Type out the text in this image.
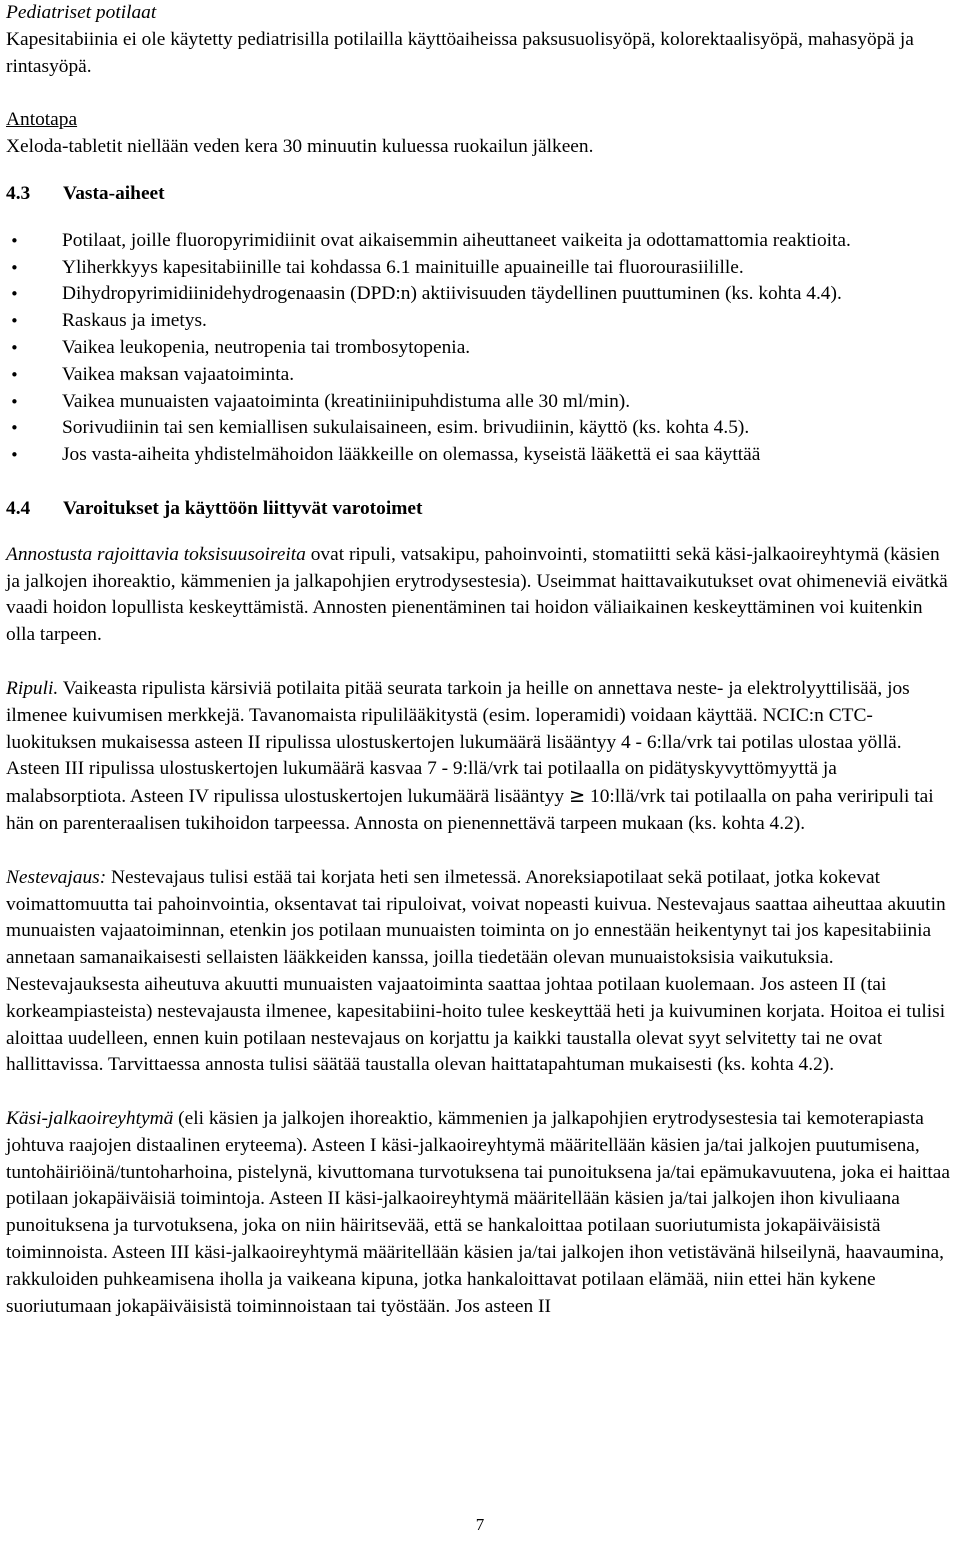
Pediatriset potilaat

Kapesitabiinia ei ole käytetty pediatrisilla potilailla käyttöaiheissa paksusuolisyöpä, kolorektaalisyöpä, mahasyöpä ja rintasyöpä.

Antotapa

Xeloda-tabletit niellään veden kera 30 minuutin kuluessa ruokailun jälkeen.

4.3 Vasta-aiheet

• Potilaat, joille fluoropyrimidiinit ovat aikaisemmin aiheuttaneet vaikeita ja odottamattomia reaktioita.
• Yliherkkyys kapesitabiinille tai kohdassa 6.1 mainituille apuaineille tai fluorourasiilille.
• Dihydropyrimidiinidehydrogenaasin (DPD:n) aktiivisuuden täydellinen puuttuminen (ks. kohta 4.4).
• Raskaus ja imetys.
• Vaikea leukopenia, neutropenia tai trombosytopenia.
• Vaikea maksan vajaatoiminta.
• Vaikea munuaisten vajaatoiminta (kreatiniinipuhdistuma alle 30 ml/min).
• Sorivudiinin tai sen kemiallisen sukulaisaineen, esim. brivudiinin, käyttö (ks. kohta 4.5).
• Jos vasta-aiheita yhdistelmähoidon lääkkeille on olemassa, kyseistä lääkettä ei saa käyttää

4.4 Varoitukset ja käyttöön liittyvät varotoimet

Annostusta rajoittavia toksisuusoireita ovat ripuli, vatsakipu, pahoinvointi, stomatiitti sekä käsi-jalkaoireyhtymä (käsien ja jalkojen ihoreaktio, kämmenien ja jalkapohjien erytrodysestesia). Useimmat haittavaikutukset ovat ohimeneviä eivätkä vaadi hoidon lopullista keskeyttämistä. Annosten pienentäminen tai hoidon väliaikainen keskeyttäminen voi kuitenkin olla tarpeen.

Ripuli. Vaikeasta ripulista kärsiviä potilaita pitää seurata tarkoin ja heille on annettava neste- ja elektrolyyttilisää, jos ilmenee kuivumisen merkkejä. Tavanomaista ripulilääkitystä (esim. loperamidi) voidaan käyttää. NCIC:n CTC-luokituksen mukaisessa asteen II ripulissa ulostuskertojen lukumäärä lisääntyy 4 - 6:lla/vrk tai potilas ulostaa yöllä. Asteen III ripulissa ulostuskertojen lukumäärä kasvaa 7 - 9:llä/vrk tai potilaalla on pidätyskyvyttömyyttä ja malabsorptiota. Asteen IV ripulissa ulostuskertojen lukumäärä lisääntyy ≥ 10:llä/vrk tai potilaalla on paha veriripuli tai hän on parenteraalisen tukihoidon tarpeessa. Annosta on pienennettävä tarpeen mukaan (ks. kohta 4.2).

Nestevajaus: Nestevajaus tulisi estää tai korjata heti sen ilmetessä. Anoreksiapotilaat sekä potilaat, jotka kokevat voimattomuutta tai pahoinvointia, oksentavat tai ripuloivat, voivat nopeasti kuivua. Nestevajaus saattaa aiheuttaa akuutin munuaisten vajaatoiminnan, etenkin jos potilaan munuaisten toiminta on jo ennestään heikentynyt tai jos kapesitabiinia annetaan samanaikaisesti sellaisten lääkkeiden kanssa, joilla tiedetään olevan munuaistoksisia vaikutuksia. Nestevajauksesta aiheutuva akuutti munuaisten vajaatoiminta saattaa johtaa potilaan kuolemaan. Jos asteen II (tai korkeampiasteista) nestevajausta ilmenee, kapesitabiini-hoito tulee keskeyttää heti ja kuivuminen korjata. Hoitoa ei tulisi aloittaa uudelleen, ennen kuin potilaan nestevajaus on korjattu ja kaikki taustalla olevat syyt selvitetty tai ne ovat hallittavissa. Tarvittaessa annosta tulisi säätää taustalla olevan haittatapahtuman mukaisesti (ks. kohta 4.2).

Käsi-jalkaoireyhtymä (eli käsien ja jalkojen ihoreaktio, kämmenien ja jalkapohjien erytrodysestesia tai kemoterapiasta johtuva raajojen distaalinen eryteema). Asteen I käsi-jalkaoireyhtymä määritellään käsien ja/tai jalkojen puutumisena, tuntohäiriöinä/tuntoharhoina, pistelynä, kivuttomana turvotuksena tai punoituksena ja/tai epämukavuutena, joka ei haittaa potilaan jokapäiväisiä toimintoja. Asteen II käsi-jalkaoireyhtymä määritellään käsien ja/tai jalkojen ihon kivuliaana punoituksena ja turvotuksena, joka on niin häiritsevää, että se hankaloittaa potilaan suoriutumista jokapäiväisistä toiminnoista. Asteen III käsi-jalkaoireyhtymä määritellään käsien ja/tai jalkojen ihon vetistävänä hilseilynä, haavaumina, rakkuloiden puhkeamisena iholla ja vaikeana kipuna, jotka hankaloittavat potilaan elämää, niin ettei hän kykene suoriutumaan jokapäiväisistä toiminnoistaan tai työstään. Jos asteen II

7
